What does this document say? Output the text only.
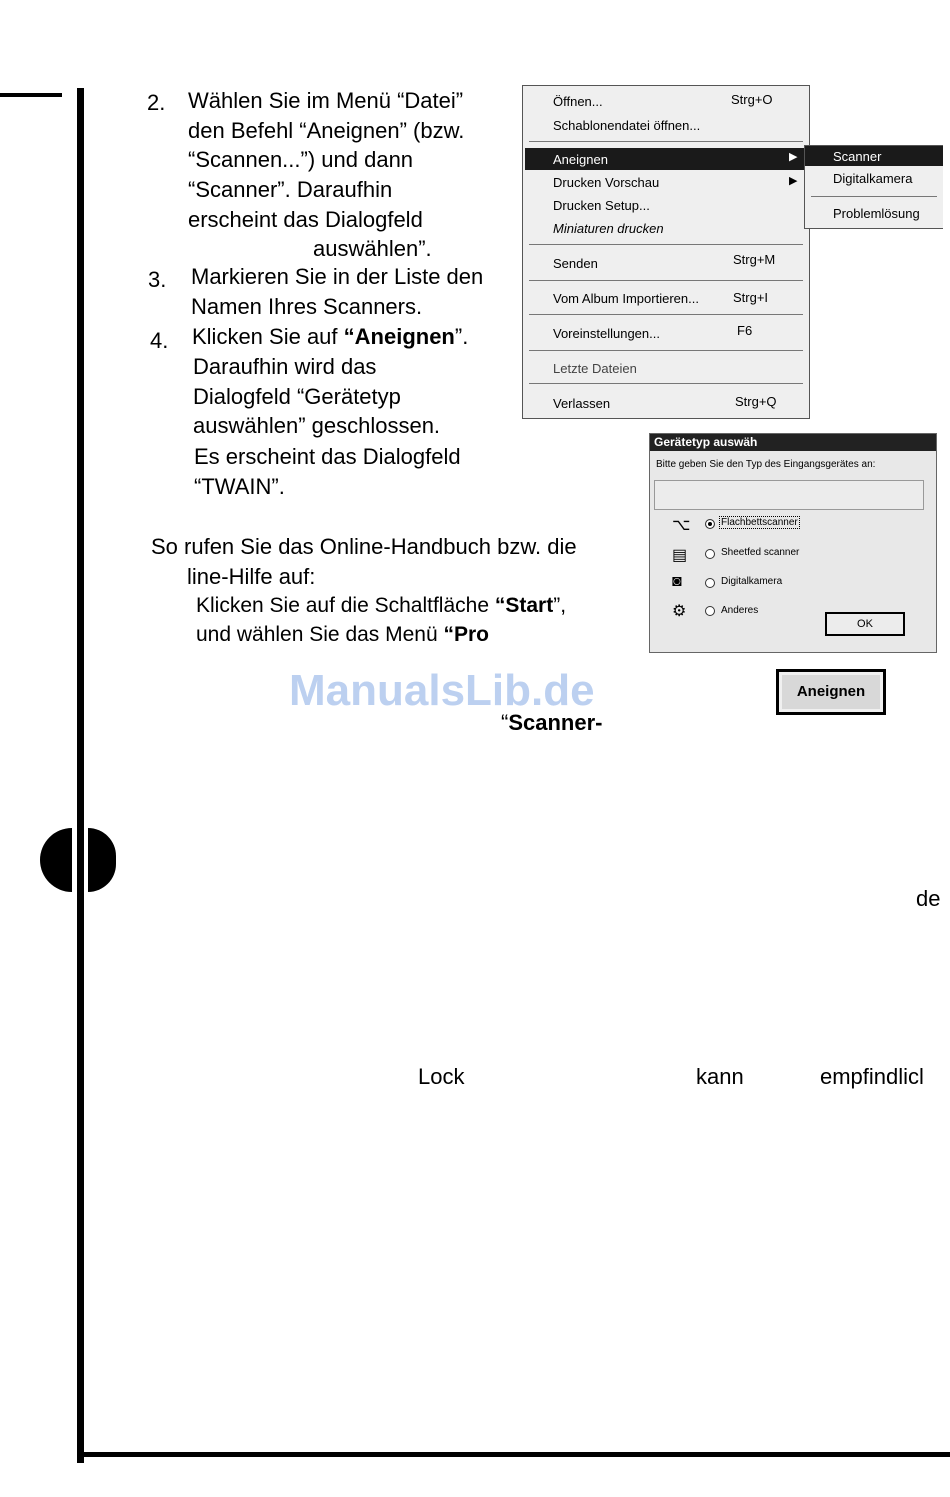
2. Wählen Sie im Menü “Datei”
den Befehl “Aneignen” (bzw.
“Scannen...”) und dann
“Scanner”. Daraufhin
erscheint das Dialogfeld
auswählen”.
3. Markieren Sie in der Liste den
Namen Ihres Scanners.
4. Klicken Sie auf “Aneignen”.
Daraufhin wird das
Dialogfeld “Gerätetyp
auswählen” geschlossen.
Es erscheint das Dialogfeld
“TWAIN”.
So rufen Sie das Online-Handbuch bzw. die
line-Hilfe auf:
Klicken Sie auf die Schaltfläche “Start”,
und wählen Sie das Menü “Pro
ManualsLib.de
“Scanner-
de
Lock	kann	empfindlicl
Öffnen...	Strg+O
Schablonendatei öffnen...
Aneignen	▶
Drucken Vorschau	▶
Drucken Setup...
Miniaturen drucken
Senden	Strg+M
Vom Album Importieren...	Strg+I
Voreinstellungen...	F6
Letzte Dateien
Verlassen	Strg+Q
Scanner
Digitalkamera
Problemlösung
Gerätetyp auswäh
Bitte geben Sie den Typ des Eingangsgerätes an:
⌥	Flachbettscanner
▤	Sheetfed scanner
◙	Digitalkamera
⚙	Anderes
OK
Aneignen
